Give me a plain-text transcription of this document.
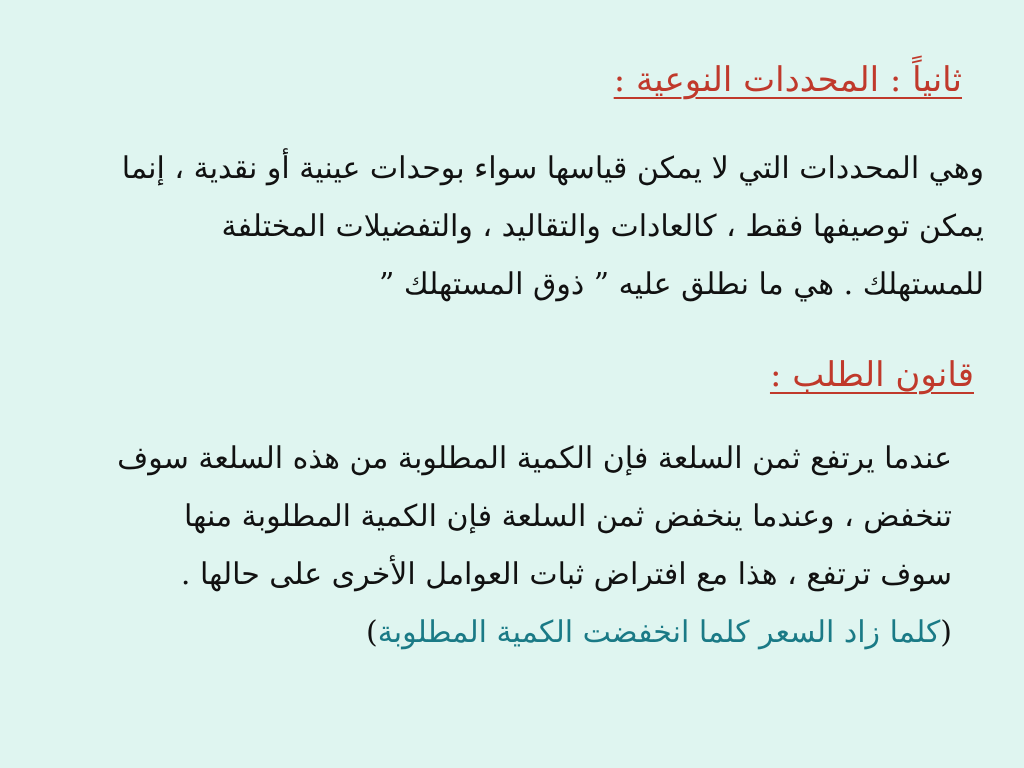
ثانياً : المحددات النوعية :

وهي المحددات التي لا يمكن قياسها سواء بوحدات عينية أو نقدية ، إنما
يمكن توصيفها فقط ، كالعادات والتقاليد ، والتفضيلات المختلفة
للمستهلك . هي ما نطلق عليه ” ذوق المستهلك ”

قانون الطلب :

عندما يرتفع ثمن السلعة فإن الكمية المطلوبة من هذه السلعة سوف
تنخفض ، وعندما ينخفض ثمن السلعة فإن الكمية المطلوبة منها
سوف ترتفع ، هذا مع افتراض ثبات العوامل الأخرى على حالها .
(كلما زاد السعر كلما انخفضت الكمية المطلوبة)
